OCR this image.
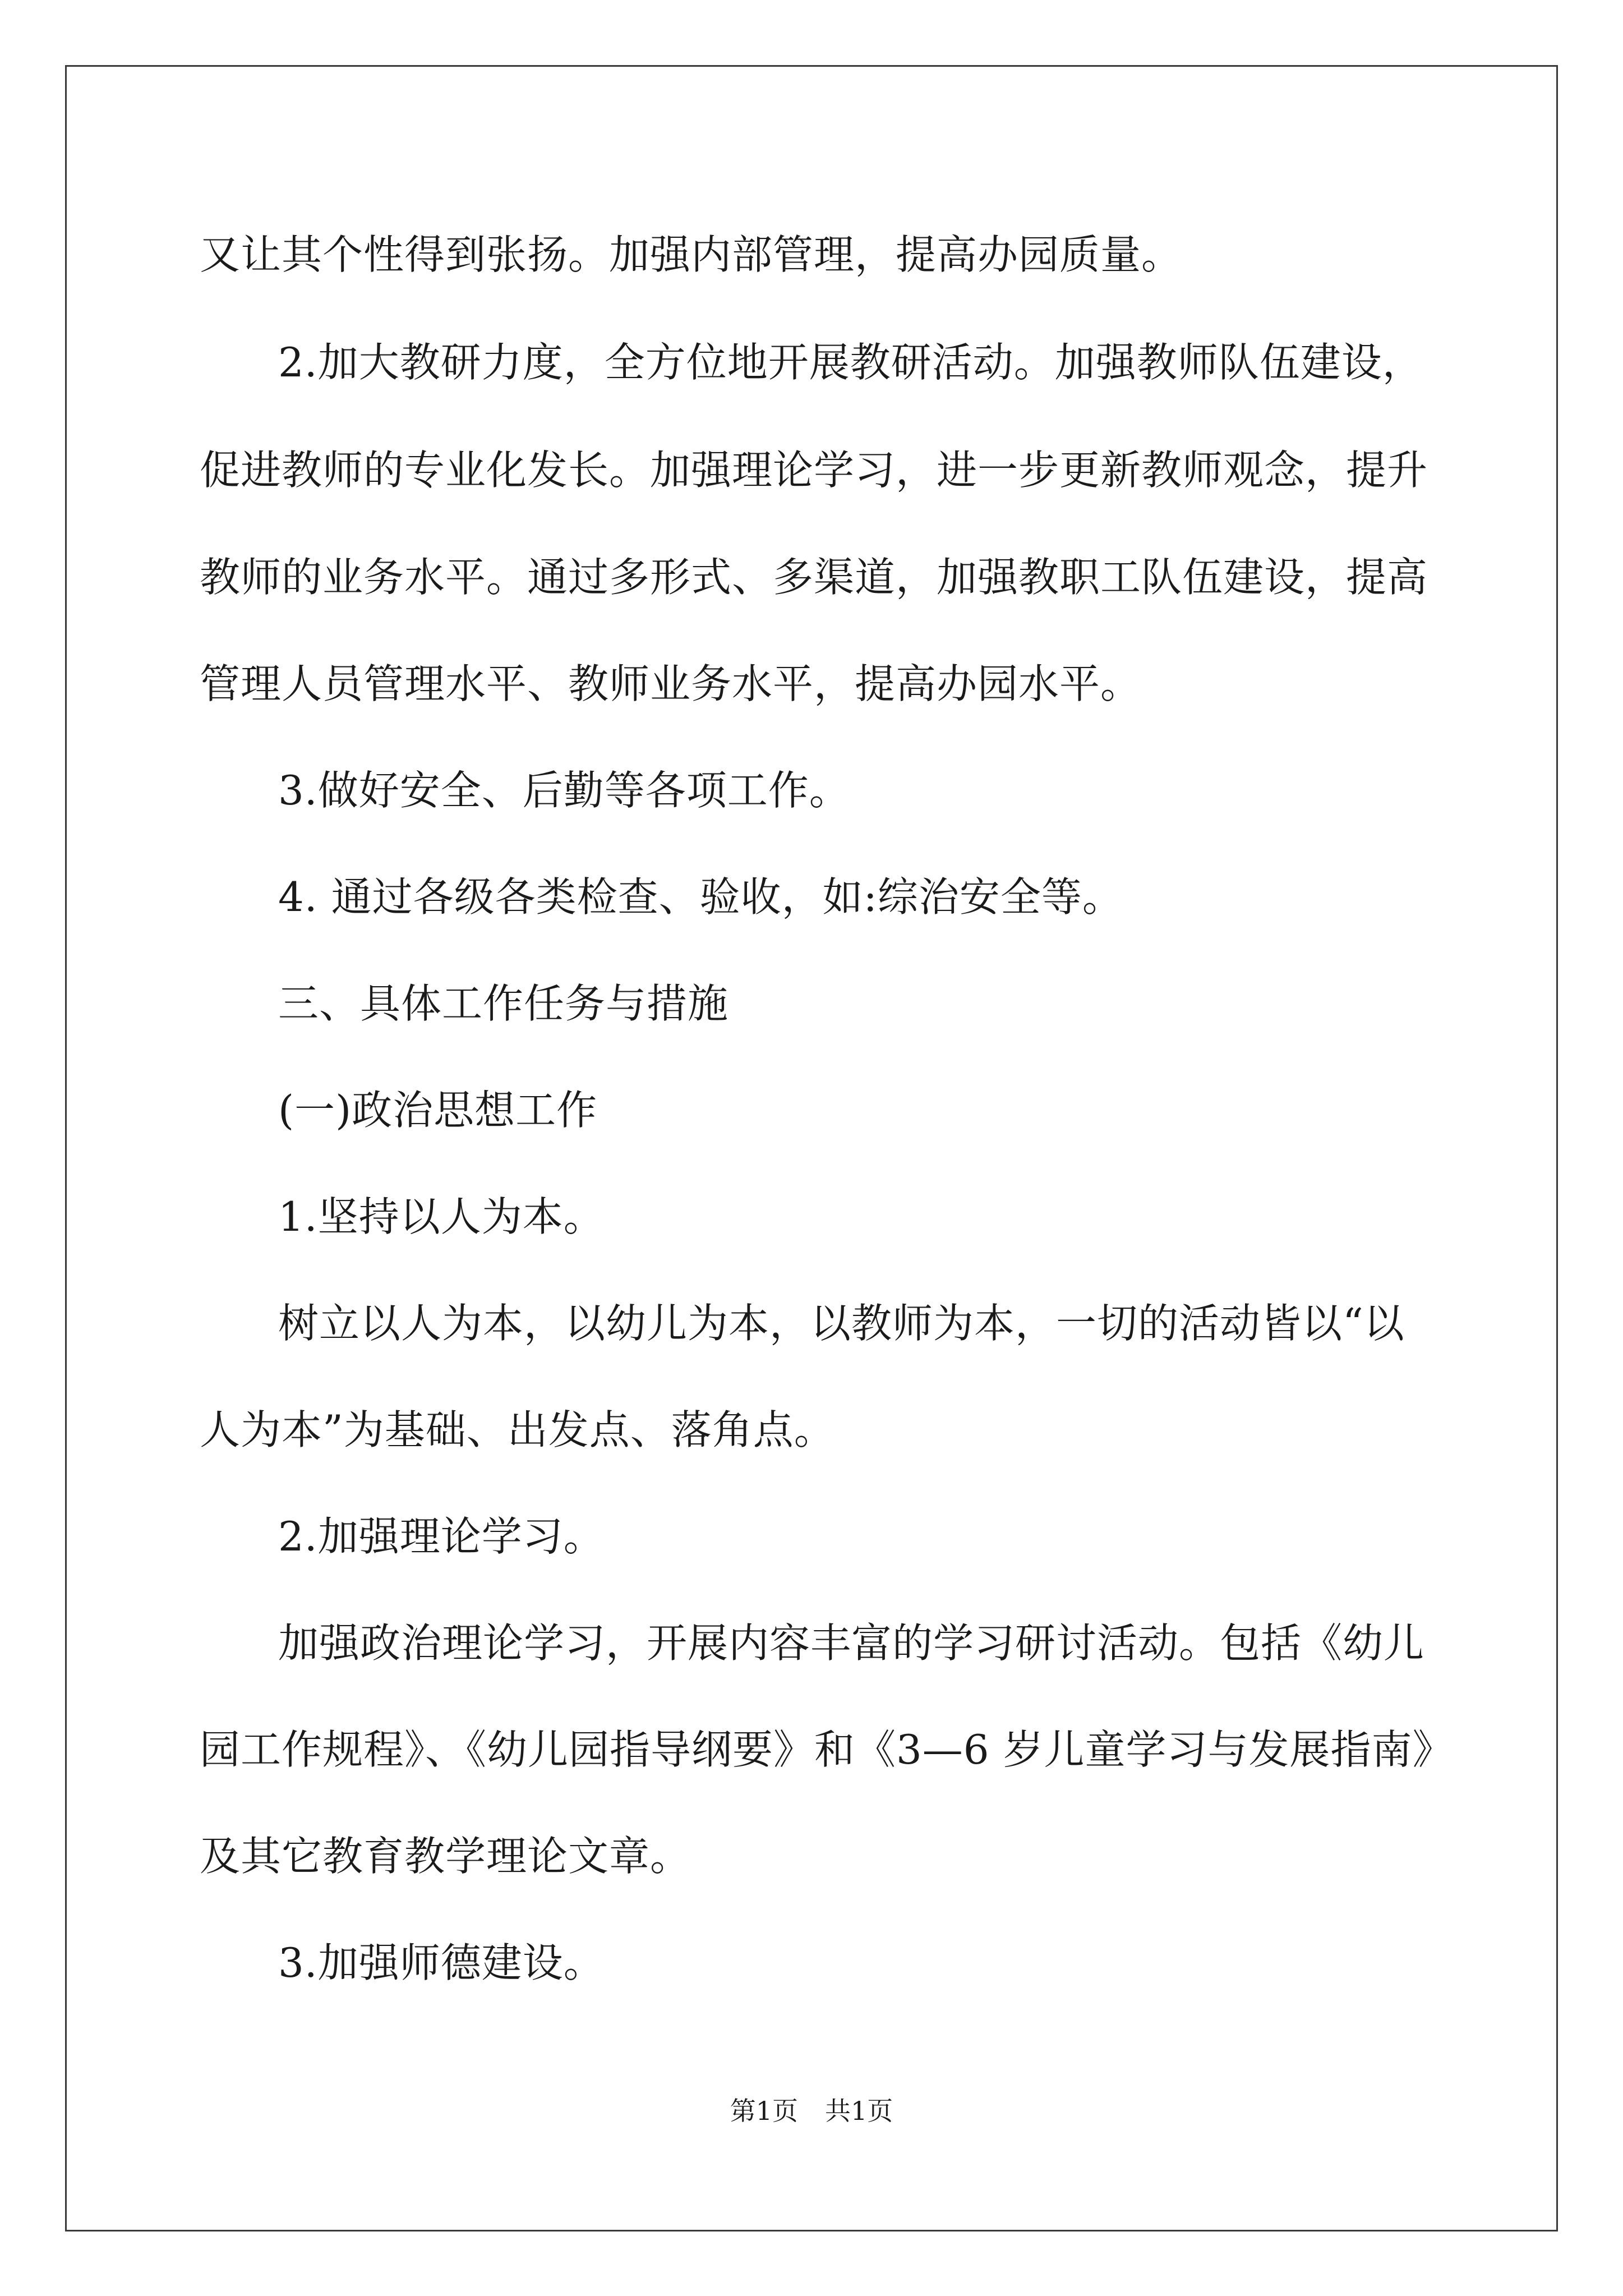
又让其个性得到张扬。加强内部管理，提高办园质量。
2.加大教研力度，全方位地开展教研活动。加强教师队伍建设，
促进教师的专业化发长。加强理论学习，进一步更新教师观念，提升
教师的业务水平。通过多形式、多渠道，加强教职工队伍建设，提高
管理人员管理水平、教师业务水平，提高办园水平。
3.做好安全、后勤等各项工作。
4. 通过各级各类检查、验收，如:综治安全等。
三、具体工作任务与措施
(一)政治思想工作
1.坚持以人为本。
树立以人为本，以幼儿为本，以教师为本，一切的活动皆以“以
人为本”为基础、出发点、落角点。
2.加强理论学习。
加强政治理论学习，开展内容丰富的学习研讨活动。包括《幼儿
园工作规程》、《幼儿园指导纲要》和《3—6 岁儿童学习与发展指南》
及其它教育教学理论文章。
3.加强师德建设。
第1页 共1页
